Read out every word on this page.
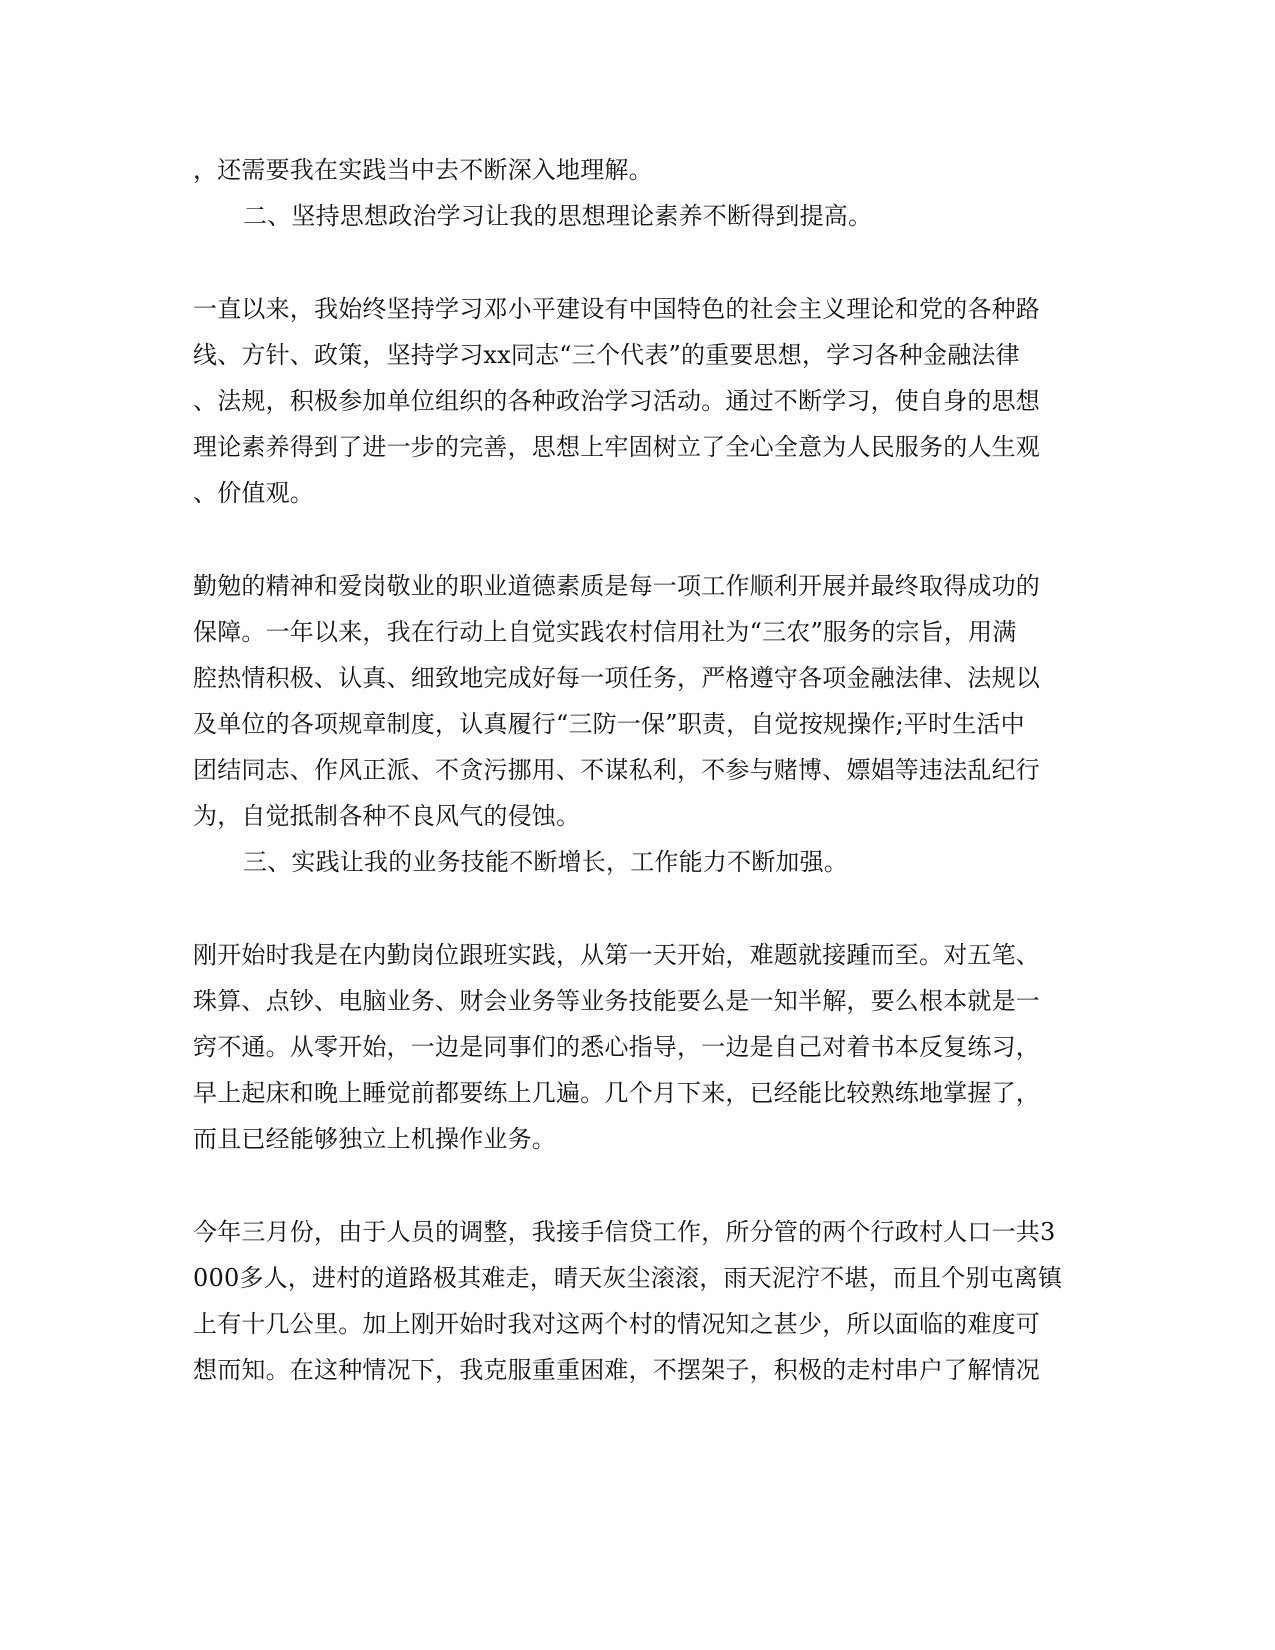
，还需要我在实践当中去不断深入地理解。
二、坚持思想政治学习让我的思想理论素养不断得到提高。
一直以来，我始终坚持学习邓小平建设有中国特色的社会主义理论和党的各种路
线、方针、政策，坚持学习xx同志“三个代表”的重要思想，学习各种金融法律
、法规，积极参加单位组织的各种政治学习活动。通过不断学习，使自身的思想
理论素养得到了进一步的完善，思想上牢固树立了全心全意为人民服务的人生观
、价值观。
勤勉的精神和爱岗敬业的职业道德素质是每一项工作顺利开展并最终取得成功的
保障。一年以来，我在行动上自觉实践农村信用社为“三农”服务的宗旨，用满
腔热情积极、认真、细致地完成好每一项任务，严格遵守各项金融法律、法规以
及单位的各项规章制度，认真履行“三防一保”职责，自觉按规操作;平时生活中
团结同志、作风正派、不贪污挪用、不谋私利，不参与赌博、嫖娼等违法乱纪行
为，自觉抵制各种不良风气的侵蚀。
三、实践让我的业务技能不断增长，工作能力不断加强。
刚开始时我是在内勤岗位跟班实践，从第一天开始，难题就接踵而至。对五笔、
珠算、点钞、电脑业务、财会业务等业务技能要么是一知半解，要么根本就是一
窍不通。从零开始，一边是同事们的悉心指导，一边是自己对着书本反复练习，
早上起床和晚上睡觉前都要练上几遍。几个月下来，已经能比较熟练地掌握了，
而且已经能够独立上机操作业务。
今年三月份，由于人员的调整，我接手信贷工作，所分管的两个行政村人口一共3
000多人，进村的道路极其难走，晴天灰尘滚滚，雨天泥泞不堪，而且个别屯离镇
上有十几公里。加上刚开始时我对这两个村的情况知之甚少，所以面临的难度可
想而知。在这种情况下，我克服重重困难，不摆架子，积极的走村串户了解情况
